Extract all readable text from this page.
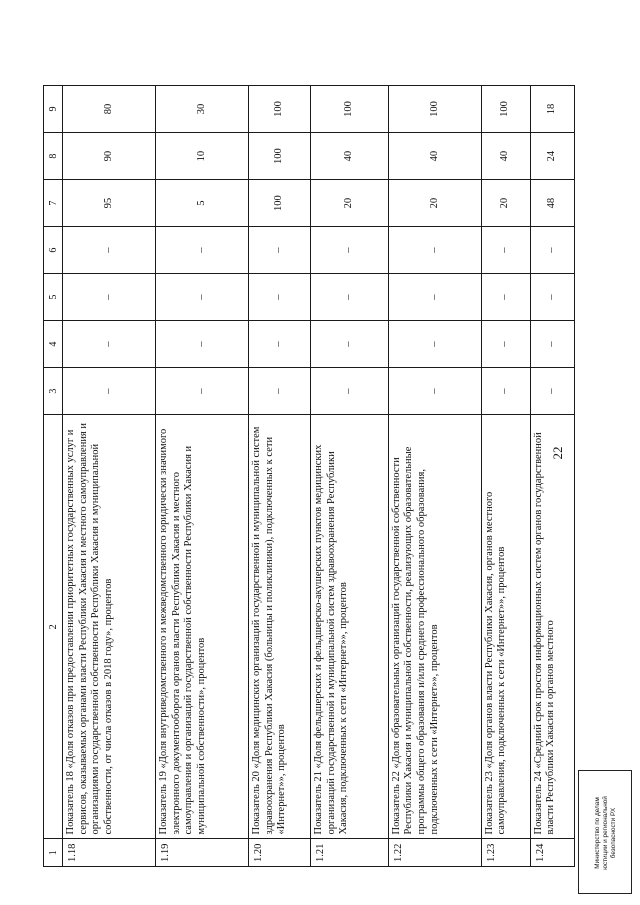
22
1	2	3	4	5	6	7	8	9
1.18	Показатель 18 «Доля отказов при предоставлении приоритетных государственных услуг и сервисов, оказываемых органами власти Республики Хакасия и местного самоуправления и организациями государственной собственности Республики Хакасия и муниципальной собственности, от числа отказов в 2018 году», процентов	–	–	–	–	95	90	80
1.19	Показатель 19 «Доля внутриведомственного и межведомственного юридически значимого электронного документооборота органов власти Республики Хакасия и местного самоуправления и организаций государственной собственности Республики Хакасия и муниципальной собственности», процентов	–	–	–	–	5	10	30
1.20	Показатель 20 «Доля медицинских организаций государственной и муниципальной систем здравоохранения Республики Хакасия (больницы и поликлиники), подключенных к сети «Интернет»», процентов	–	–	–	–	100	100	100
1.21	Показатель 21 «Доля фельдшерских и фельдшерско-акушерских пунктов медицинских организаций государственной и муниципальной систем здравоохранения Республики Хакасия, подключенных к сети «Интернет»», процентов	–	–	–	–	20	40	100
1.22	Показатель 22 «Доля образовательных организаций государственной собственности Республики Хакасия и муниципальной собственности, реализующих образовательные программы общего образования и/или среднего профессионального образования, подключенных к сети «Интернет»», процентов	–	–	–	–	20	40	100
1.23	Показатель 23 «Доля органов власти Республики Хакасия, органов местного самоуправления, подключенных к сети «Интернет»», процентов	–	–	–	–	20	40	100
1.24	Показатель 24 «Средний срок простоя информационных систем органов государственной власти Республики Хакасия и органов местного	–	–	–	–	48	24	18
Министерство по делам юстиции и региональной безопасности РХ
